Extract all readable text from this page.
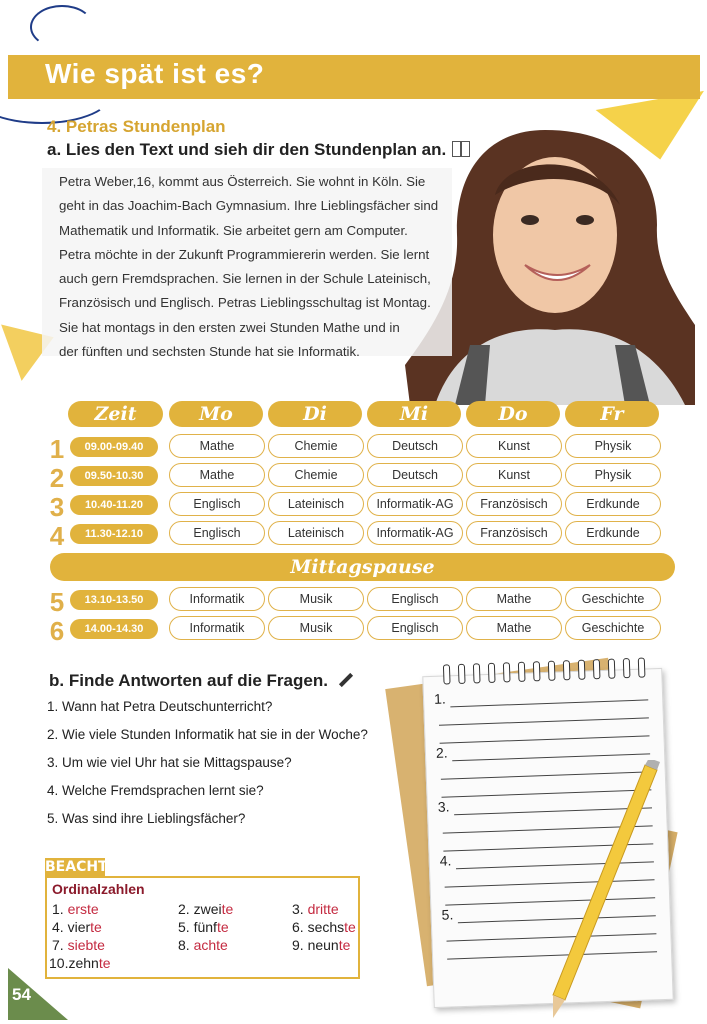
Wie spät ist es?
4. Petras Stundenplan
a. Lies den Text und sieh dir den Stundenplan an.
Petra Weber,16, kommt aus Österreich. Sie wohnt in Köln. Sie
geht in das Joachim-Bach Gymnasium. Ihre Lieblingsfächer sind
Mathematik und Informatik. Sie arbeitet gern am Computer.
Petra möchte in der Zukunft Programmiererin werden. Sie lernt
auch gern Fremdsprachen. Sie lernen in der Schule Lateinisch,
Französisch und Englisch. Petras Lieblingsschultag ist Montag.
Sie hat montags in den ersten zwei Stunden Mathe und in
der fünften und sechsten Stunde hat sie Informatik.
Zeit	Mo	Di	Mi	Do	Fr
1	09.00-09.40	Mathe	Chemie	Deutsch	Kunst	Physik
2	09.50-10.30	Mathe	Chemie	Deutsch	Kunst	Physik
3	10.40-11.20	Englisch	Lateinisch	Informatik-AG	Französisch	Erdkunde
4	11.30-12.10	Englisch	Lateinisch	Informatik-AG	Französisch	Erdkunde
Mittagspause
5	13.10-13.50	Informatik	Musik	Englisch	Mathe	Geschichte
6	14.00-14.30	Informatik	Musik	Englisch	Mathe	Geschichte
b. Finde Antworten auf die Fragen.
1. Wann hat Petra Deutschunterricht?
2. Wie viele Stunden Informatik hat sie in der Woche?
3. Um wie viel Uhr hat sie Mittagspause?
4. Welche Fremdsprachen lernt sie?
5. Was sind ihre Lieblingsfächer?
1.
2.
3.
4.
5.
BEACHTE
Ordinalzahlen
1. erste	2. zweite	3. dritte
4. vierte	5. fünfte	6. sechste
7. siebte	8. achte	9. neunte
10.zehnte
54
